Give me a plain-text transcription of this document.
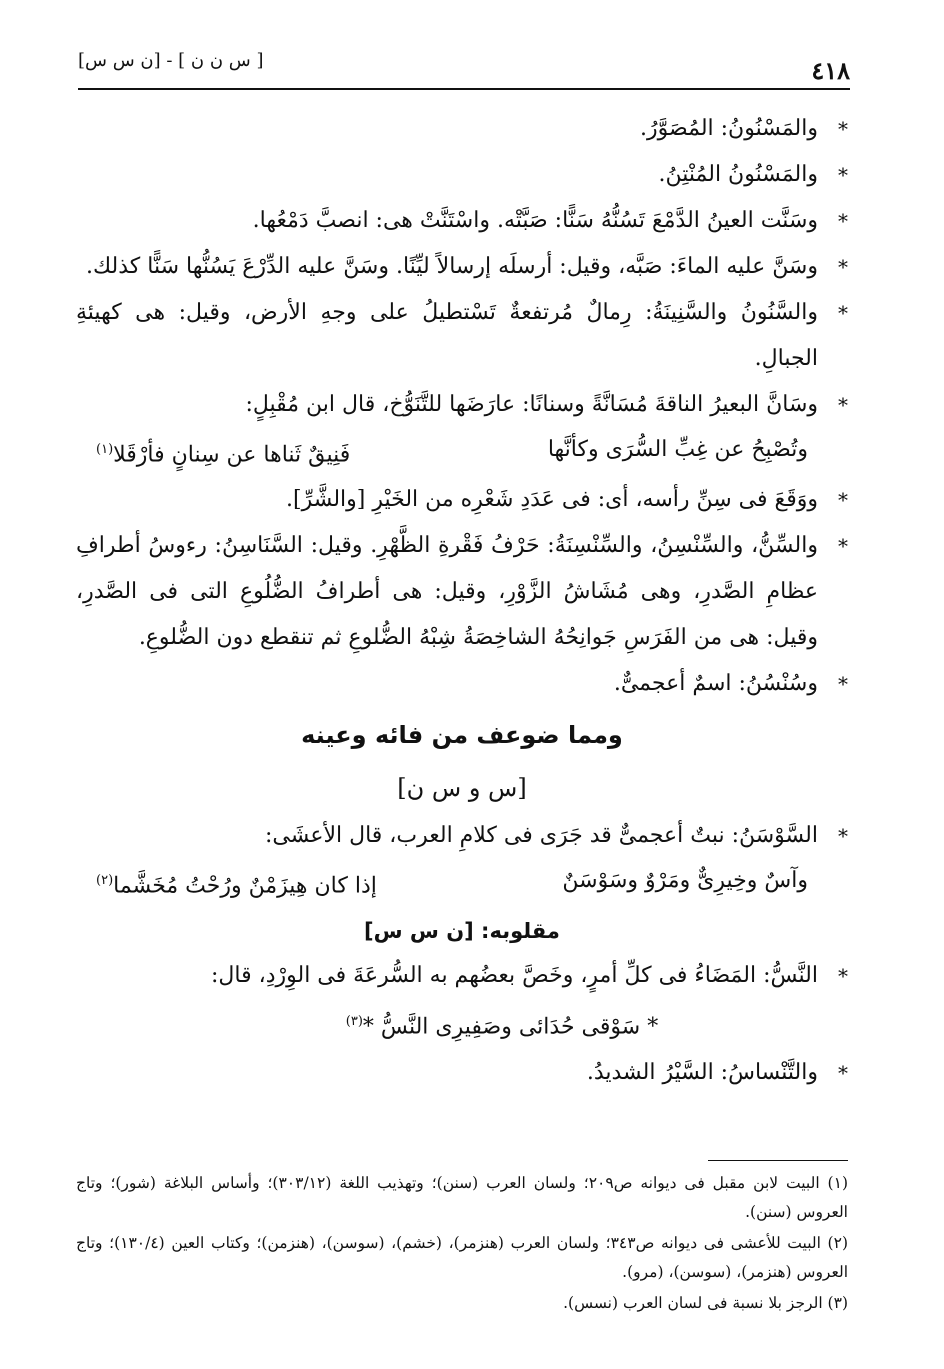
٤١٨
[ س ن ن ] - [ن س س]

*
والمَسْنُونُ: المُصَوَّرُ.

*
والمَسْنُونُ المُنْتِنُ.

*
وسَنَّت العينُ الدَّمْعَ تَسُنُّهُ سَنًّا: صَبَّتْه. واسْتَنَّتْ هى: انصبَّ دَمْعُها.

*
وسَنَّ عليه الماءَ: صَبَّه، وقيل: أرسلَه إرسالاً ليِّنًا. وسَنَّ عليه الدِّرْعَ يَسُنُّها سَنًّا كذلك.

*
والسَّنُونُ والسَّنِينَةُ: رِمالٌ مُرتفعةٌ تَسْتطيلُ على وجهِ الأرض، وقيل: هى كهيئةِ الجبالِ.

*
وسَانَّ البعيرُ الناقةَ مُسَانَّةً وسنانًا: عارَضَها للتَّنَوُّخ، قال ابن مُقْبِلٍ:

وتُصْبِحُ عن غِبِّ السُّرَى وكأنَّها
فَنِيقٌ ثَناها عن سِنانٍ فأرْقَلا$^{(١)}$

*
ووَقَعَ فى سِنِّ رأسه، أى: فى عَدَدِ شَعْرِه من الخَيْرِ [والشَّرِّ].

*
والسِّنُّ، والسِّنْسِنُ، والسِّنْسِنَةُ: حَرْفُ فَقْرةِ الظَّهْرِ. وقيل: السَّنَاسِنُ: رءوسُ أطرافِ عظامِ الصَّدرِ، وهى مُشَاشُ الزَّوْرِ، وقيل: هى أطرافُ الضُّلُوعِ التى فى الصَّدرِ، وقيل: هى من الفَرَسِ جَوانِحُهُ الشاخِصَةُ شِبْهُ الضُّلوعِ ثم تنقطع دون الضُّلوعِ.

*
وسُنْسُنُ: اسمٌ أعجمىٌّ.

ومما ضوعف من فائه وعينه
[س و س ن]

*
السَّوْسَنُ: نبتٌ أعجمىٌّ قد جَرَى فى كلامِ العرب، قال الأعشَى:

وآسٌ وخِيرِىٌّ ومَرْوٌ وسَوْسَنٌ
إذا كان هِيزَمْنٌ ورُحْتُ مُخَشَّما$^{(٢)}$
مقلوبه: [ن س س]

*
النَّسُّ: المَضَاءُ فى كلِّ أمرٍ، وخَصَّ بعضُهم به السُّرعَةَ فى الوِرْدِ، قال:

* سَوْقى حُدَائى وصَفِيرِى النَّسُّ *$^{(٣)}$

*
والتَّنْساسُ: السَّيْرُ الشديدُ.

(١) البيت لابن مقبل فى ديوانه ص٢٠٩؛ ولسان العرب (سنن)؛ وتهذيب اللغة (٣٠٣/١٢)؛ وأساس البلاغة (شور)؛ وتاج العروس (سنن).

(٢) البيت للأعشى فى ديوانه ص٣٤٣؛ ولسان العرب (هنزمر)، (خشم)، (سوسن)، (هنزمن)؛ وكتاب العين (١٣٠/٤)؛ وتاج العروس (هنزمر)، (سوسن)، (مرو).

(٣) الرجز بلا نسبة فى لسان العرب (نسس).
